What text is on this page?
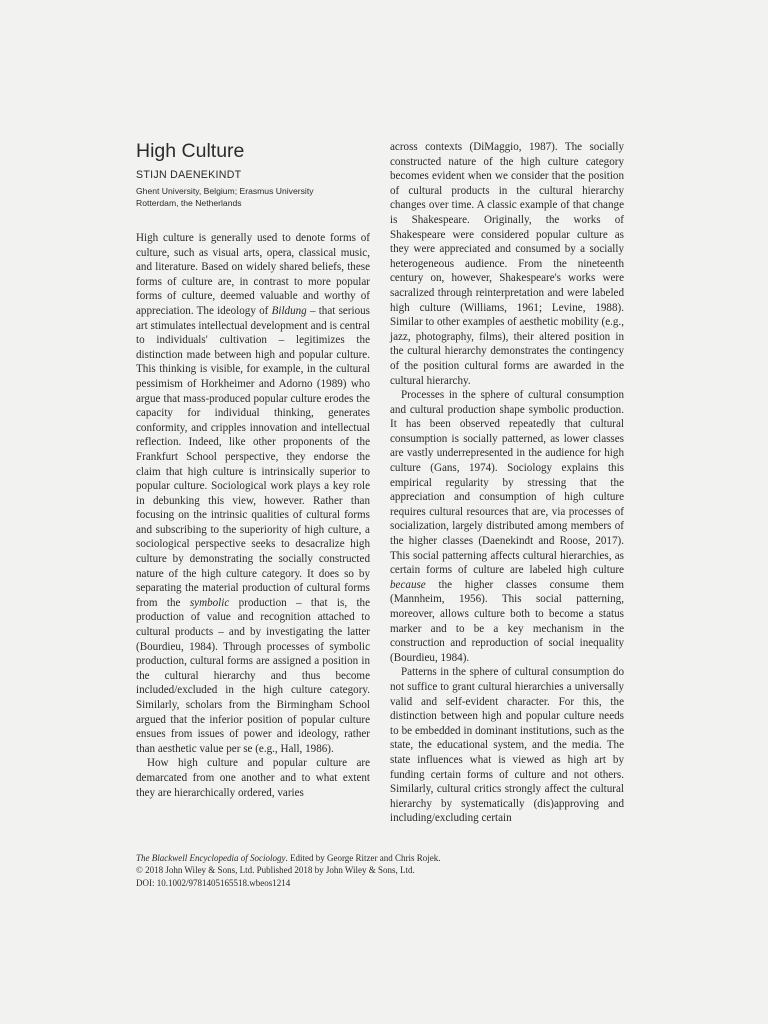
High Culture
STIJN DAENEKINDT
Ghent University, Belgium; Erasmus University
Rotterdam, the Netherlands

High culture is generally used to denote forms of culture, such as visual arts, opera, classical music, and literature. Based on widely shared beliefs, these forms of culture are, in contrast to more popular forms of culture, deemed valuable and worthy of appreciation. The ideology of Bildung – that serious art stimulates intellectual development and is central to individuals' cultivation – legitimizes the distinction made between high and popular culture. This thinking is visible, for example, in the cultural pessimism of Horkheimer and Adorno (1989) who argue that mass-produced popular culture erodes the capacity for individual thinking, generates conformity, and cripples innovation and intellectual reflection. Indeed, like other proponents of the Frankfurt School perspective, they endorse the claim that high culture is intrinsically superior to popular culture. Sociological work plays a key role in debunking this view, however. Rather than focusing on the intrinsic qualities of cultural forms and subscribing to the superiority of high culture, a sociological perspective seeks to desacralize high culture by demonstrating the socially constructed nature of the high culture category. It does so by separating the material production of cultural forms from the symbolic production – that is, the production of value and recognition attached to cultural products – and by investigating the latter (Bourdieu, 1984). Through processes of symbolic production, cultural forms are assigned a position in the cultural hierarchy and thus become included/excluded in the high culture category. Similarly, scholars from the Birmingham School argued that the inferior position of popular culture ensues from issues of power and ideology, rather than aesthetic value per se (e.g., Hall, 1986).

How high culture and popular culture are demarcated from one another and to what extent they are hierarchically ordered, varies

across contexts (DiMaggio, 1987). The socially constructed nature of the high culture category becomes evident when we consider that the position of cultural products in the cultural hierarchy changes over time. A classic example of that change is Shakespeare. Originally, the works of Shakespeare were considered popular culture as they were appreciated and consumed by a socially heterogeneous audience. From the nineteenth century on, however, Shakespeare's works were sacralized through reinterpretation and were labeled high culture (Williams, 1961; Levine, 1988). Similar to other examples of aesthetic mobility (e.g., jazz, photography, films), their altered position in the cultural hierarchy demonstrates the contingency of the position cultural forms are awarded in the cultural hierarchy.

Processes in the sphere of cultural consumption and cultural production shape symbolic production. It has been observed repeatedly that cultural consumption is socially patterned, as lower classes are vastly underrepresented in the audience for high culture (Gans, 1974). Sociology explains this empirical regularity by stressing that the appreciation and consumption of high culture requires cultural resources that are, via processes of socialization, largely distributed among members of the higher classes (Daenekindt and Roose, 2017). This social patterning affects cultural hierarchies, as certain forms of culture are labeled high culture because the higher classes consume them (Mannheim, 1956). This social patterning, moreover, allows culture both to become a status marker and to be a key mechanism in the construction and reproduction of social inequality (Bourdieu, 1984).

Patterns in the sphere of cultural consumption do not suffice to grant cultural hierarchies a universally valid and self-evident character. For this, the distinction between high and popular culture needs to be embedded in dominant institutions, such as the state, the educational system, and the media. The state influences what is viewed as high art by funding certain forms of culture and not others. Similarly, cultural critics strongly affect the cultural hierarchy by systematically (dis)approving and including/excluding certain

The Blackwell Encyclopedia of Sociology. Edited by George Ritzer and Chris Rojek.
© 2018 John Wiley & Sons, Ltd. Published 2018 by John Wiley & Sons, Ltd.
DOI: 10.1002/9781405165518.wbeos1214
